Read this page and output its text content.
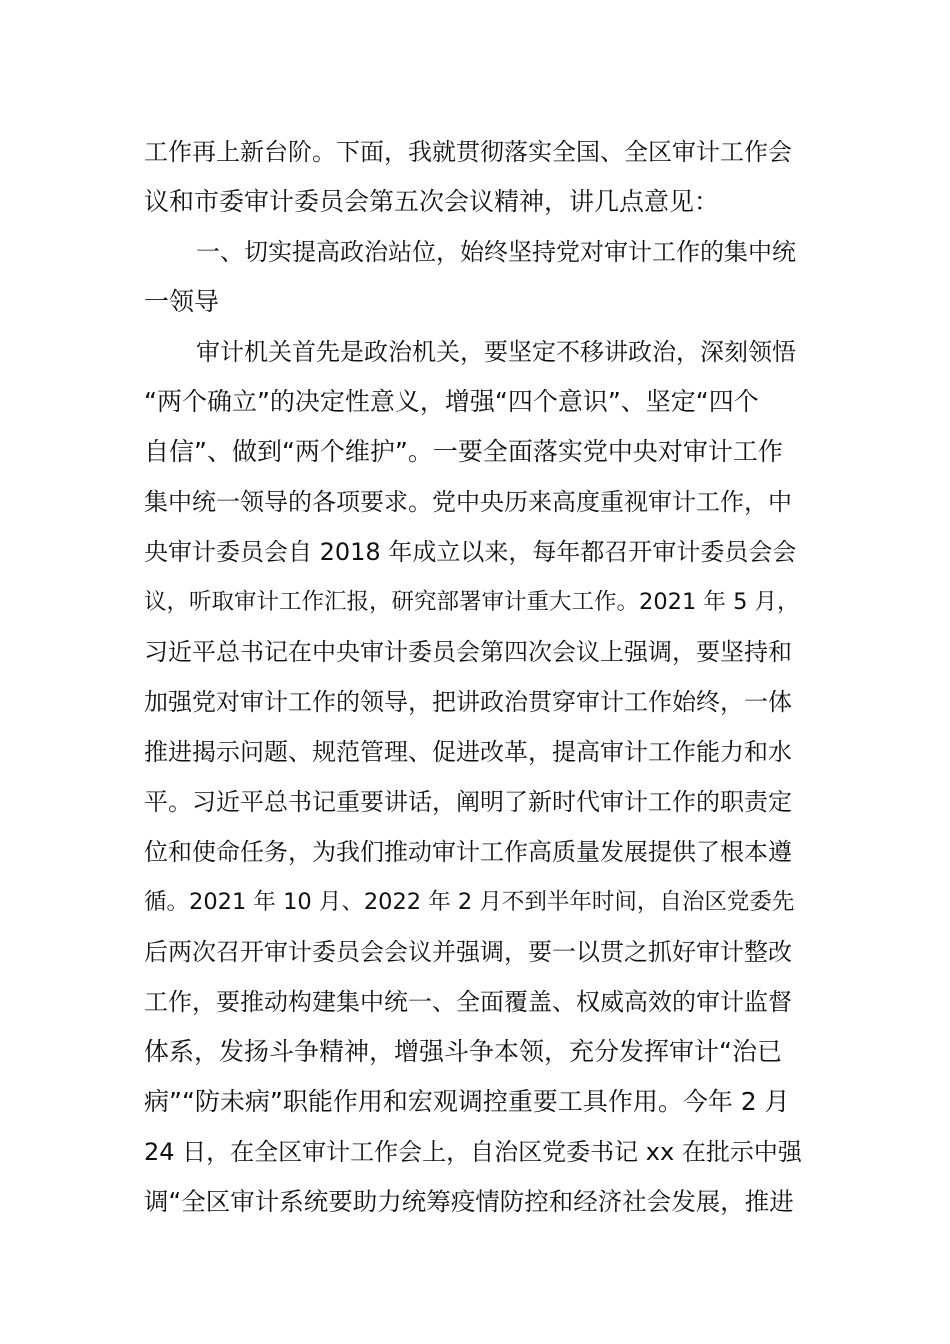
工作再上新台阶。下面，我就贯彻落实全国、全区审计工作会
议和市委审计委员会第五次会议精神，讲几点意见：
一、切实提高政治站位，始终坚持党对审计工作的集中统
一领导
审计机关首先是政治机关，要坚定不移讲政治，深刻领悟
“两个确立”的决定性意义，增强“四个意识”、坚定“四个
自信”、做到“两个维护”。一要全面落实党中央对审计工作
集中统一领导的各项要求。党中央历来高度重视审计工作，中
央审计委员会自 2018 年成立以来，每年都召开审计委员会会
议，听取审计工作汇报，研究部署审计重大工作。2021 年 5 月，
习近平总书记在中央审计委员会第四次会议上强调，要坚持和
加强党对审计工作的领导，把讲政治贯穿审计工作始终，一体
推进揭示问题、规范管理、促进改革，提高审计工作能力和水
平。习近平总书记重要讲话，阐明了新时代审计工作的职责定
位和使命任务，为我们推动审计工作高质量发展提供了根本遵
循。2021 年 10 月、2022 年 2 月不到半年时间，自治区党委先
后两次召开审计委员会会议并强调，要一以贯之抓好审计整改
工作，要推动构建集中统一、全面覆盖、权威高效的审计监督
体系，发扬斗争精神，增强斗争本领，充分发挥审计“治已
病”“防未病”职能作用和宏观调控重要工具作用。今年 2 月
24 日，在全区审计工作会上，自治区党委书记 xx 在批示中强
调“全区审计系统要助力统筹疫情防控和经济社会发展，推进
